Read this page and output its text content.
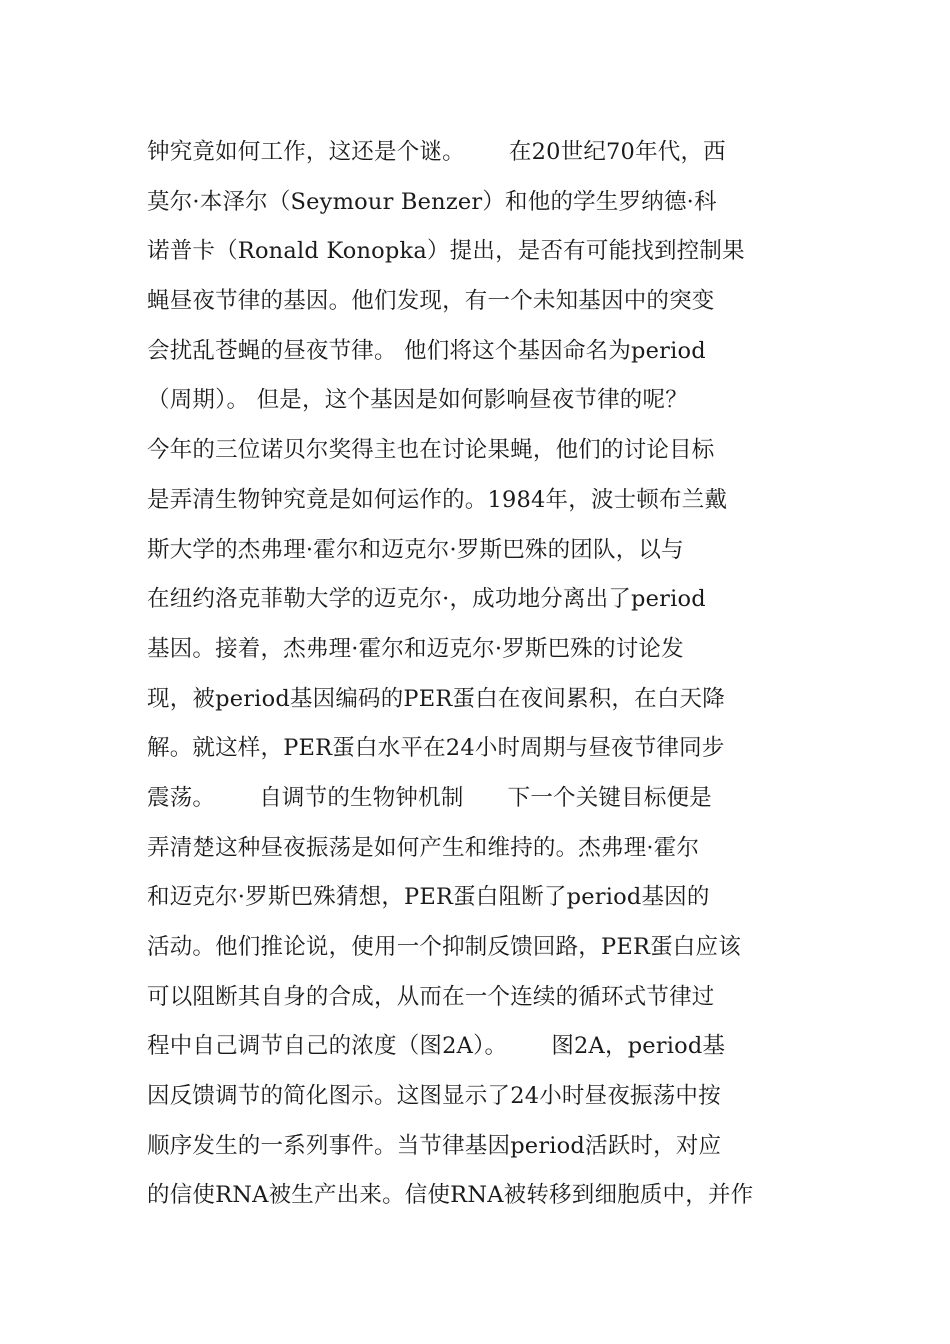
钟究竟如何工作，这还是个谜。      在20世纪70年代，西
莫尔·本泽尔（Seymour Benzer）和他的学生罗纳德·科
诺普卡（Ronald Konopka）提出，是否有可能找到控制果
蝇昼夜节律的基因。他们发现，有一个未知基因中的突变
会扰乱苍蝇的昼夜节律。 他们将这个基因命名为period
（周期）。 但是，这个基因是如何影响昼夜节律的呢？
今年的三位诺贝尔奖得主也在讨论果蝇，他们的讨论目标
是弄清生物钟究竟是如何运作的。1984年，波士顿布兰戴
斯大学的杰弗理·霍尔和迈克尔·罗斯巴殊的团队，以与
在纽约洛克菲勒大学的迈克尔·，成功地分离出了period
基因。接着，杰弗理·霍尔和迈克尔·罗斯巴殊的讨论发
现，被period基因编码的PER蛋白在夜间累积，在白天降
解。就这样，PER蛋白水平在24小时周期与昼夜节律同步
震荡。      自调节的生物钟机制      下一个关键目标便是
弄清楚这种昼夜振荡是如何产生和维持的。杰弗理·霍尔
和迈克尔·罗斯巴殊猜想，PER蛋白阻断了period基因的
活动。他们推论说，使用一个抑制反馈回路，PER蛋白应该
可以阻断其自身的合成，从而在一个连续的循环式节律过
程中自己调节自己的浓度（图2A）。      图2A，period基
因反馈调节的简化图示。这图显示了24小时昼夜振荡中按
顺序发生的一系列事件。当节律基因period活跃时，对应
的信使RNA被生产出来。信使RNA被转移到细胞质中，并作
